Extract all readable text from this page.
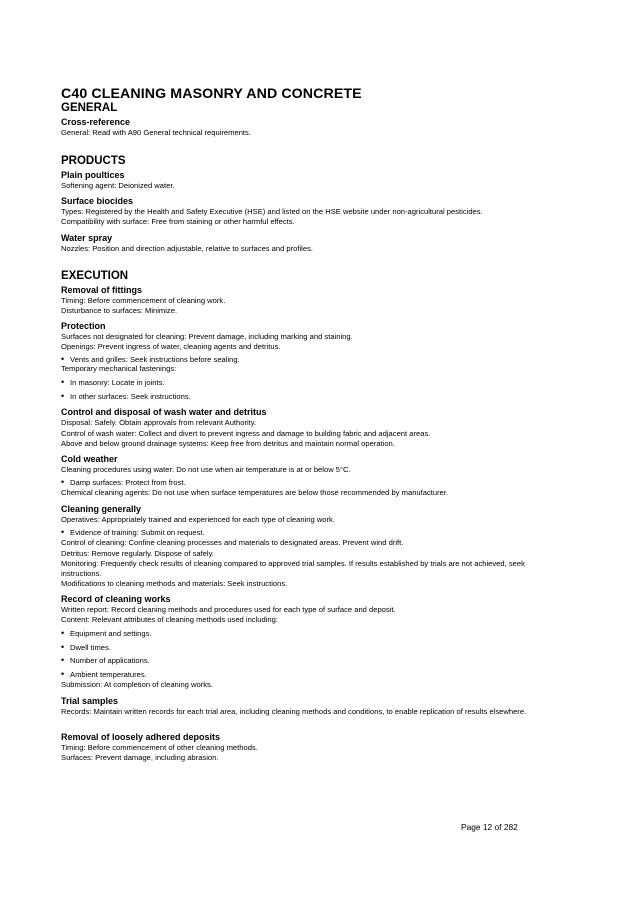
C40 CLEANING MASONRY AND CONCRETE
GENERAL
Cross-reference
General: Read with A90 General technical requirements.
PRODUCTS
Plain poultices
Softening agent: Deionized water.
Surface biocides
Types: Registered by the Health and Safety Executive (HSE) and listed on the HSE website under non-agricultural pesticides.
Compatibility with surface: Free from staining or other harmful effects.
Water spray
Nozzles: Position and direction adjustable, relative to surfaces and profiles.
EXECUTION
Removal of fittings
Timing: Before commencement of cleaning work.
Disturbance to surfaces: Minimize.
Protection
Surfaces not designated for cleaning: Prevent damage, including marking and staining.
Openings: Prevent ingress of water, cleaning agents and detritus.
• Vents and grilles: Seek instructions before sealing.
Temporary mechanical fastenings:
• In masonry: Locate in joints.
• In other surfaces: Seek instructions.
Control and disposal of wash water and detritus
Disposal: Safely. Obtain approvals from relevant Authority.
Control of wash water: Collect and divert to prevent ingress and damage to building fabric and adjacent areas.
Above and below ground drainage systems: Keep free from detritus and maintain normal operation.
Cold weather
Cleaning procedures using water: Do not use when air temperature is at or below 5°C.
• Damp surfaces: Protect from frost.
Chemical cleaning agents: Do not use when surface temperatures are below those recommended by manufacturer.
Cleaning generally
Operatives: Appropriately trained and experienced for each type of cleaning work.
• Evidence of training: Submit on request.
Control of cleaning: Confine cleaning processes and materials to designated areas. Prevent wind drift.
Detritus: Remove regularly. Dispose of safely.
Monitoring: Frequently check results of cleaning compared to approved trial samples. If results established by trials are not achieved, seek instructions.
Modifications to cleaning methods and materials: Seek instructions.
Record of cleaning works
Written report: Record cleaning methods and procedures used for each type of surface and deposit.
Content: Relevant attributes of cleaning methods used including:
• Equipment and settings.
• Dwell times.
• Number of applications.
• Ambient temperatures.
Submission: At completion of cleaning works.
Trial samples
Records: Maintain written records for each trial area, including cleaning methods and conditions, to enable replication of results elsewhere.
Removal of loosely adhered deposits
Timing: Before commencement of other cleaning methods.
Surfaces: Prevent damage, including abrasion.
Page 12 of 282
